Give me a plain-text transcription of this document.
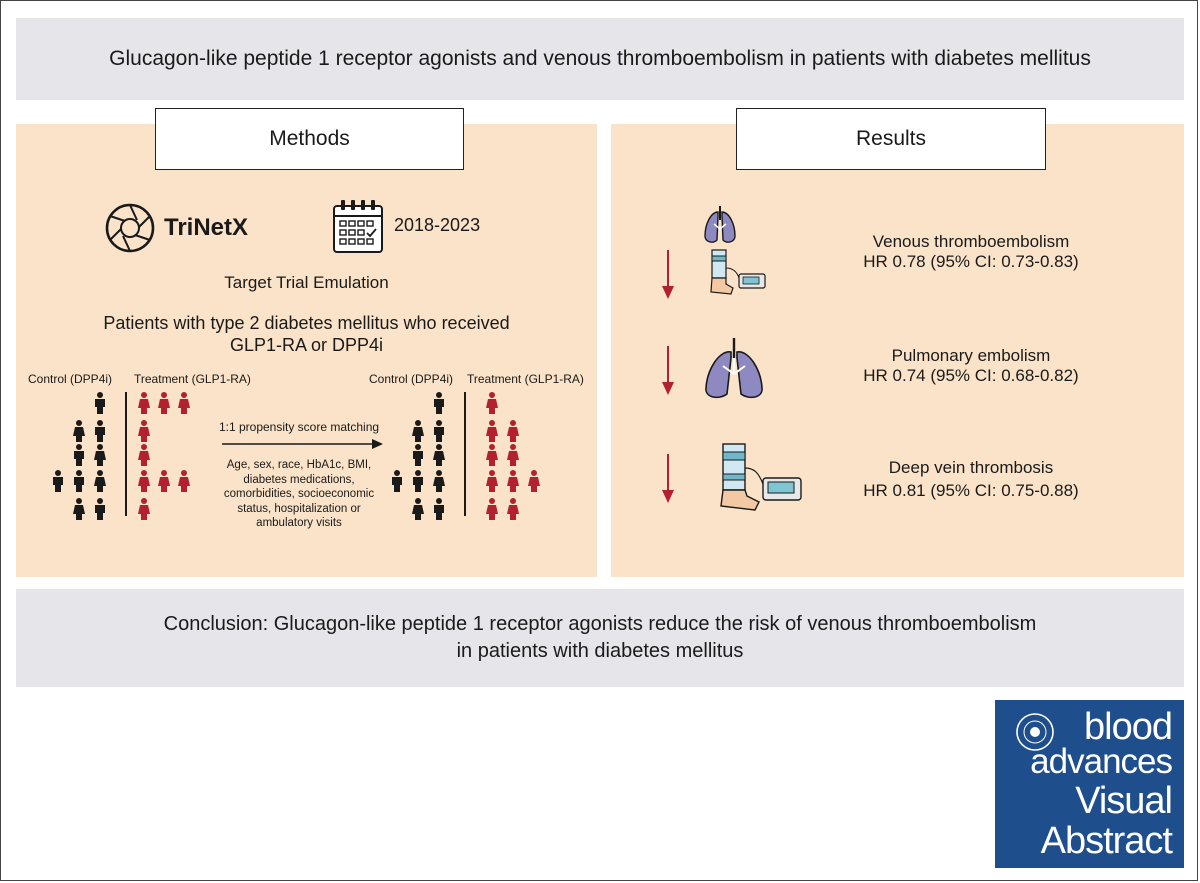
Glucagon-like peptide 1 receptor agonists and venous thromboembolism in patients with diabetes mellitus
Methods
TriNetX	2018-2023
Target Trial Emulation
Patients with type 2 diabetes mellitus who received
GLP1-RA or DPP4i
Control (DPP4i) Treatment (GLP1-RA)	Control (DPP4i) Treatment (GLP1-RA)
1:1 propensity score matching
Age, sex, race, HbA1c, BMI,
diabetes medications,
comorbidities, socioeconomic
status, hospitalization or
ambulatory visits
Results
Venous thromboembolism
HR 0.78 (95% CI: 0.73-0.83)
Pulmonary embolism
HR 0.74 (95% CI: 0.68-0.82)
Deep vein thrombosis
HR 0.81 (95% CI: 0.75-0.88)
Conclusion: Glucagon-like peptide 1 receptor agonists reduce the risk of venous thromboembolism
in patients with diabetes mellitus
blood
advances
Visual
Abstract
